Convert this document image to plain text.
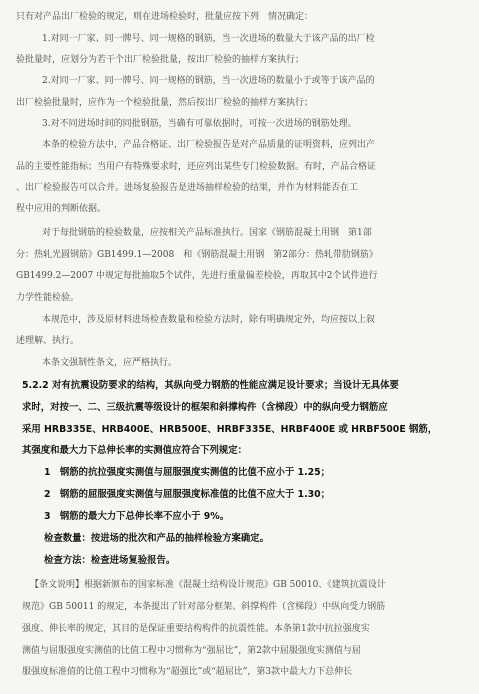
只有对产品出厂检验的规定，则在进场检验时，批量应按下列　情况确定：
1.对同一厂家、同一牌号、同一规格的钢筋，当一次进场的数量大于该产品的出厂检
验批量时，应划分为若干个出厂检验批量，按出厂检验的抽样方案执行；
2.对同一厂家、同一牌号、同一规格的钢筋，当一次进场的数量小于或等于该产品的
出厂检验批量时，应作为一个检验批量，然后按出厂检验的抽样方案执行；
3.对不同进场时间的同批钢筋，当确有可靠依据时，可按一次进场的钢筋处理。
本条的检验方法中，产品合格证、出厂检验报告是对产品质量的证明资料，应列出产
品的主要性能指标；当用户有特殊要求时，还应列出某些专门检验数据。有时，产品合格证
、出厂检验报告可以合并。进场复验报告是进场抽样检验的结果，并作为材料能否在工
程中应用的判断依据。
对于每批钢筋的检验数量，应按相关产品标准执行。国家《钢筋混凝土用钢　第1部
分：热轧光圆钢筋》GB1499.1—2008　和《钢筋混凝土用钢　第2部分：热轧带肋钢筋》
GB1499.2—2007 中规定每批抽取5个试件，先进行重量偏差检验，再取其中2个试件进行
力学性能检验。
本规范中，涉及原材料进场检查数量和检验方法时，除有明确规定外，均应按以上叙
述理解、执行。
本条文强制性条文，应严格执行。
5.2.2 对有抗震设防要求的结构，其纵向受力钢筋的性能应满足设计要求；当设计无具体要
求时，对按一、二、三级抗震等级设计的框架和斜撑构件（含梯段）中的纵向受力钢筋应
采用 HRB335E、HRB400E、HRB500E、HRBF335E、HRBF400E 或 HRBF500E 钢筋，
其强度和最大力下总伸长率的实测值应符合下列规定：
1　钢筋的抗拉强度实测值与屈服强度实测值的比值不应小于 1.25；
2　钢筋的屈服强度实测值与屈服强度标准值的比值不应大于 1.30；
3　钢筋的最大力下总伸长率不应小于 9%。
检查数量：按进场的批次和产品的抽样检验方案确定。
检查方法：检查进场复验报告。
【条文说明】根据新颁布的国家标准《混凝土结构设计规范》GB 50010、《建筑抗震设计
规范》GB 50011 的规定，本条提出了针对部分框架、斜撑构件（含梯段）中纵向受力钢筋
强度、伸长率的规定，其目的是保证重要结构构件的抗震性能。本条第1款中抗拉强度实
测值与屈服强度实测值的比值工程中习惯称为“强屈比”，第2款中屈服强度实测值与屈
服强度标准值的比值工程中习惯称为“超强比”或“超屈比”，第3款中最大力下总伸长
